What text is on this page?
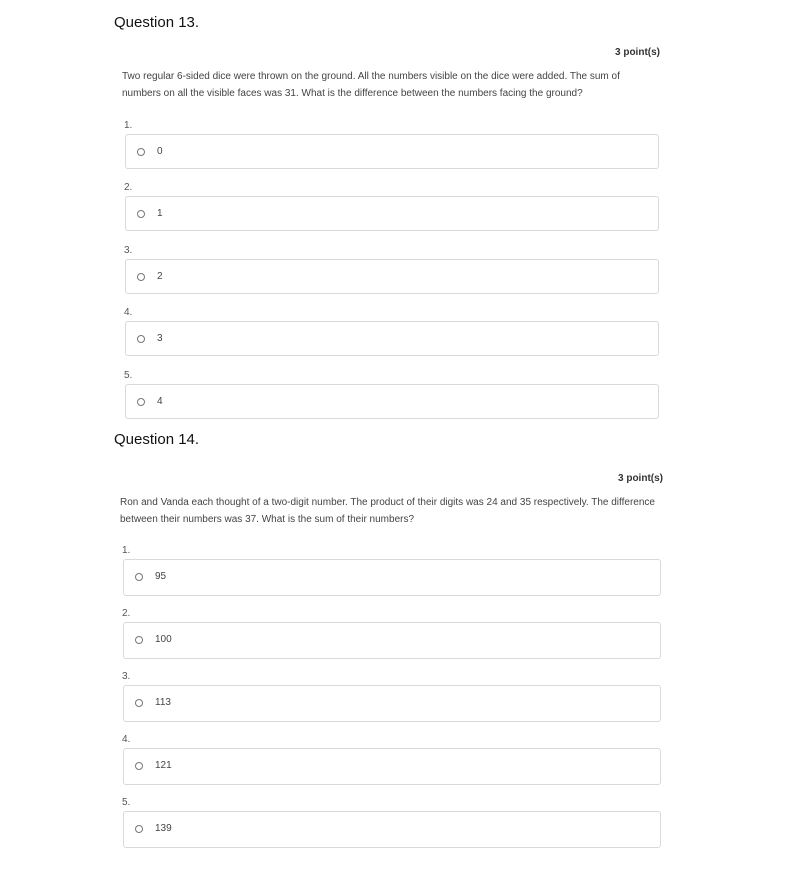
Question 13.
3 point(s)
Two regular 6-sided dice were thrown on the ground. All the numbers visible on the dice were added. The sum of
numbers on all the visible faces was 31. What is the difference between the numbers facing the ground?
1.
0
2.
1
3.
2
4.
3
5.
4
Question 14.
3 point(s)
Ron and Vanda each thought of a two-digit number. The product of their digits was 24 and 35 respectively. The difference
between their numbers was 37. What is the sum of their numbers?
1.
95
2.
100
3.
113
4.
121
5.
139
